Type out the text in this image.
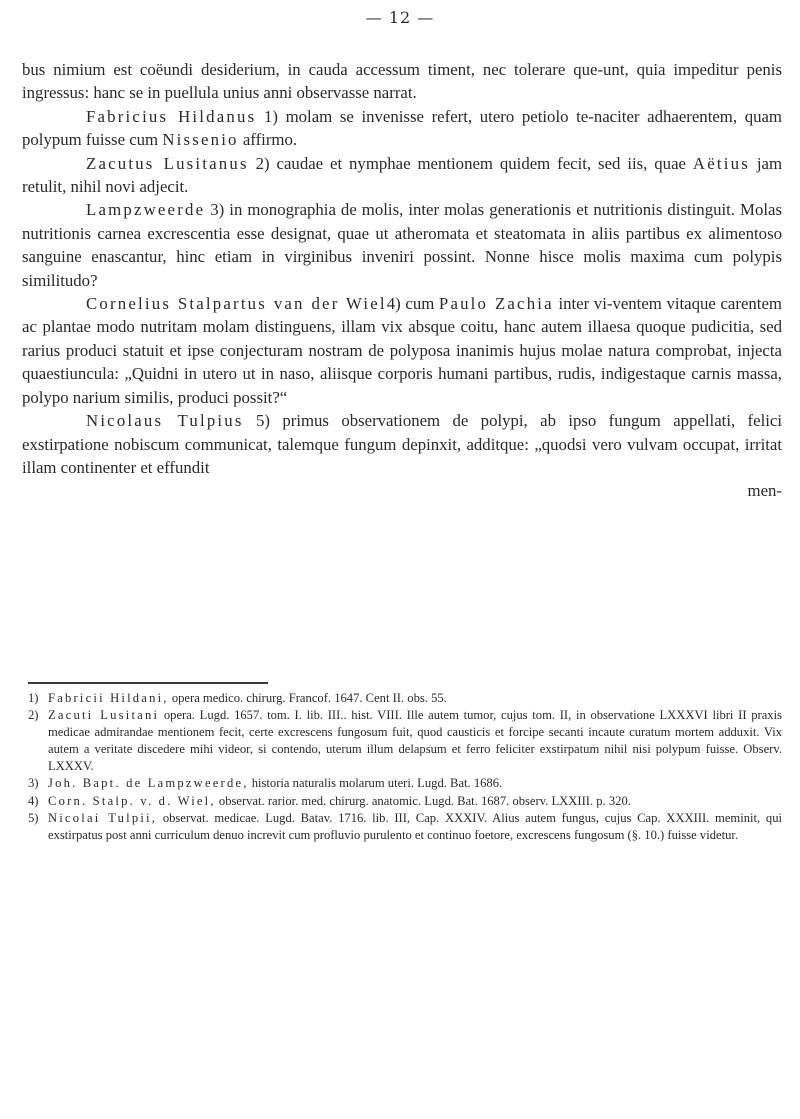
— 12 —

bus nimium est coëundi desiderium, in cauda accessum timent, nec tolerare que-unt, quia impeditur penis ingressus: hanc se in puellula unius anni observasse narrat.

Fabricius Hildanus 1) molam se invenisse refert, utero petiolo te-naciter adhaerentem, quam polypum fuisse cum Nissenio affirmo.

Zacutus Lusitanus 2) caudae et nymphae mentionem quidem fecit, sed iis, quae Aëtius jam retulit, nihil novi adjecit.

Lampzweerde 3) in monographia de molis, inter molas generationis et nutritionis distinguit. Molas nutritionis carnea excrescentia esse designat, quae ut atheromata et steatomata in aliis partibus ex alimentoso sanguine enascantur, hinc etiam in virginibus inveniri possint. Nonne hisce molis maxima cum polypis similitudo?

Cornelius Stalpartus van der Wiel4) cum Paulo Zachia inter vi-ventem vitaque carentem ac plantae modo nutritam molam distinguens, illam vix absque coitu, hanc autem illaesa quoque pudicitia, sed rarius produci statuit et ipse conjecturam nostram de polyposa inanimis hujus molae natura comprobat, injecta quaestiuncula: „Quidni in utero ut in naso, aliisque corporis humani partibus, rudis, indigestaque carnis massa, polypo narium similis, produci possit?“

Nicolaus Tulpius 5) primus observationem de polypi, ab ipso fungum appellati, felici exstirpatione nobiscum communicat, talemque fungum depinxit, additque: „quodsi vero vulvam occupat, irritat illam continenter et effundit

men-

1) Fabricii Hildani, opera medico. chirurg. Francof. 1647. Cent II. obs. 55.
2) Zacuti Lusitani opera. Lugd. 1657. tom. I. lib. III.. hist. VIII. Ille autem tumor, cujus tom. II, in observatione LXXXVI libri II praxis medicae admirandae mentionem fecit, certe excrescens fungosum fuit, quod causticis et forcipe secanti incaute curatum mortem adduxit. Vix autem a veritate discedere mihi videor, si contendo, uterum illum delapsum et ferro feliciter exstirpatum nihil nisi polypum fuisse. Observ. LXXXV.
3) Joh. Bapt. de Lampzweerde, historia naturalis molarum uteri. Lugd. Bat. 1686.
4) Corn. Stalp. v. d. Wiel, observat. rarior. med. chirurg. anatomic. Lugd. Bat. 1687. observ. LXXIII. p. 320.
5) Nicolai Tulpii, observat. medicae. Lugd. Batav. 1716. lib. III, Cap. XXXIV. Alius autem fungus, cujus Cap. XXXIII. meminit, qui exstirpatus post anni curriculum denuo increvit cum profluvio purulento et continuo foetore, excrescens fungosum (§. 10.) fuisse videtur.
